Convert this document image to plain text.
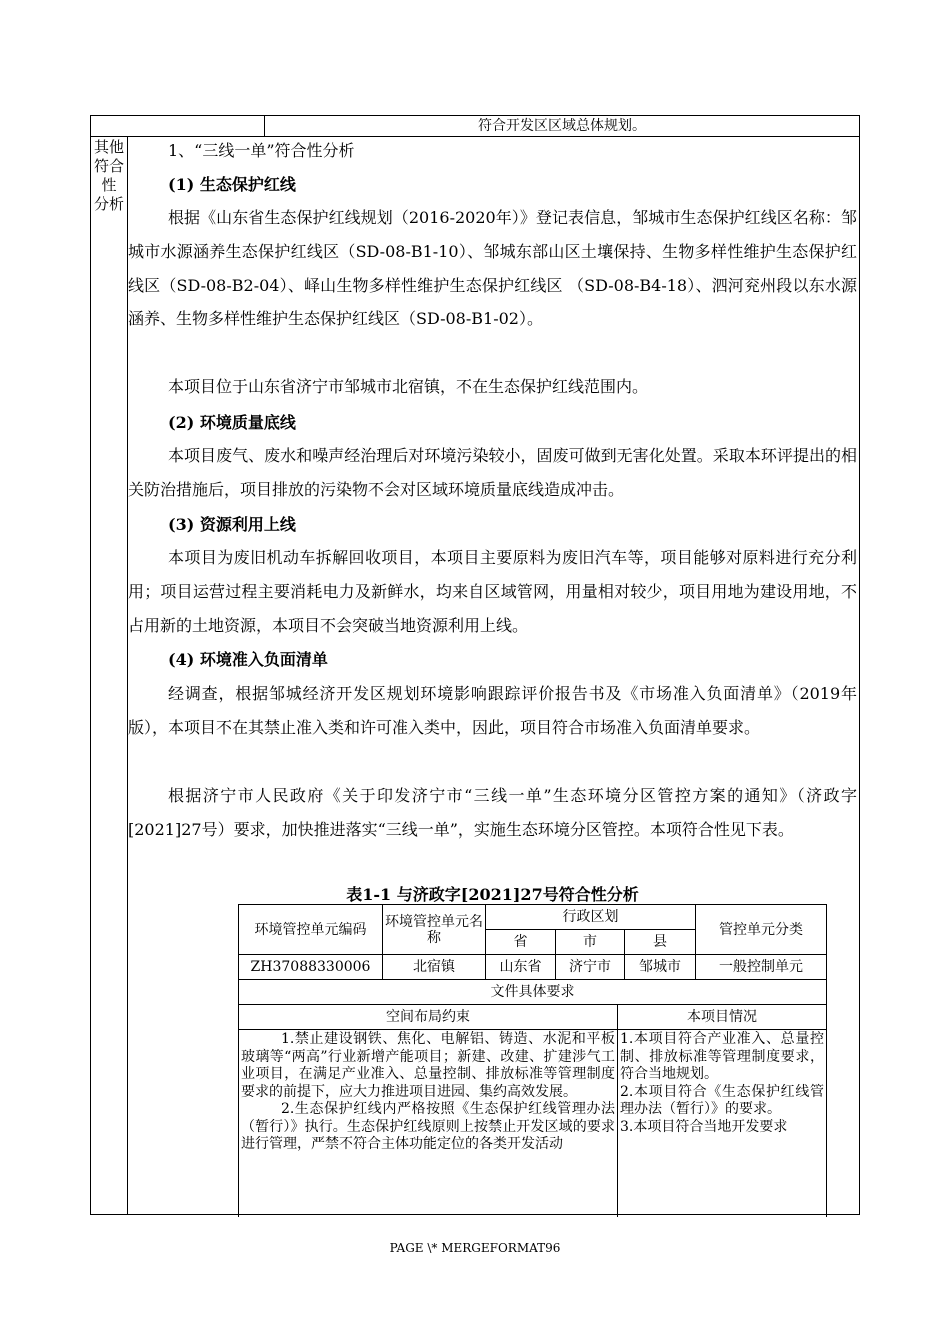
符合开发区区域总体规划。
其他
符合
性
分析
1、“三线一单”符合性分析
(1) 生态保护红线
根据《山东省生态保护红线规划（2016-2020年）》登记表信息，邹城市生态保护红线区名称：邹城市水源涵养生态保护红线区（SD-08-B1-10）、邹城东部山区土壤保持、生物多样性维护生态保护红线区（SD-08-B2-04）、峄山生物多样性维护生态保护红线区 （SD-08-B4-18）、泗河兖州段以东水源涵养、生物多样性维护生态保护红线区（SD-08-B1-02）。
本项目位于山东省济宁市邹城市北宿镇，不在生态保护红线范围内。
(2) 环境质量底线
本项目废气、废水和噪声经治理后对环境污染较小，固废可做到无害化处置。采取本环评提出的相关防治措施后，项目排放的污染物不会对区域环境质量底线造成冲击。
(3) 资源利用上线
本项目为废旧机动车拆解回收项目，本项目主要原料为废旧汽车等，项目能够对原料进行充分利用；项目运营过程主要消耗电力及新鲜水，均来自区域管网，用量相对较少，项目用地为建设用地，不占用新的土地资源，本项目不会突破当地资源利用上线。
(4) 环境准入负面清单
经调查，根据邹城经济开发区规划环境影响跟踪评价报告书及《市场准入负面清单》（2019年版），本项目不在其禁止准入类和许可准入类中，因此，项目符合市场准入负面清单要求。
根据济宁市人民政府《关于印发济宁市“三线一单”生态环境分区管控方案的通知》（济政字[2021]27号）要求，加快推进落实“三线一单”，实施生态环境分区管控。本项符合性见下表。
表1-1 与济政字[2021]27号符合性分析
环境管控单元编码	环境管控单元名称
行政区划
省	市	县
管控单元分类
ZH37088330006	北宿镇	山东省	济宁市	邹城市	一般控制单元
文件具体要求
空间布局约束	本项目情况
1.禁止建设钢铁、焦化、电解铝、铸造、水泥和平板玻璃等“两高”行业新增产能项目；新建、改建、扩建涉气工业项目，在满足产业准入、总量控制、排放标准等管理制度要求的前提下，应大力推进项目进园、集约高效发展。
2.生态保护红线内严格按照《生态保护红线管理办法（暂行）》执行。生态保护红线原则上按禁止开发区域的要求进行管理，严禁不符合主体功能定位的各类开发活动
1.本项目符合产业准入、总量控制、排放标准等管理制度要求，符合当地规划。
2.本项目符合《生态保护红线管理办法（暂行）》的要求。
3.本项目符合当地开发要求
PAGE \* MERGEFORMAT96
